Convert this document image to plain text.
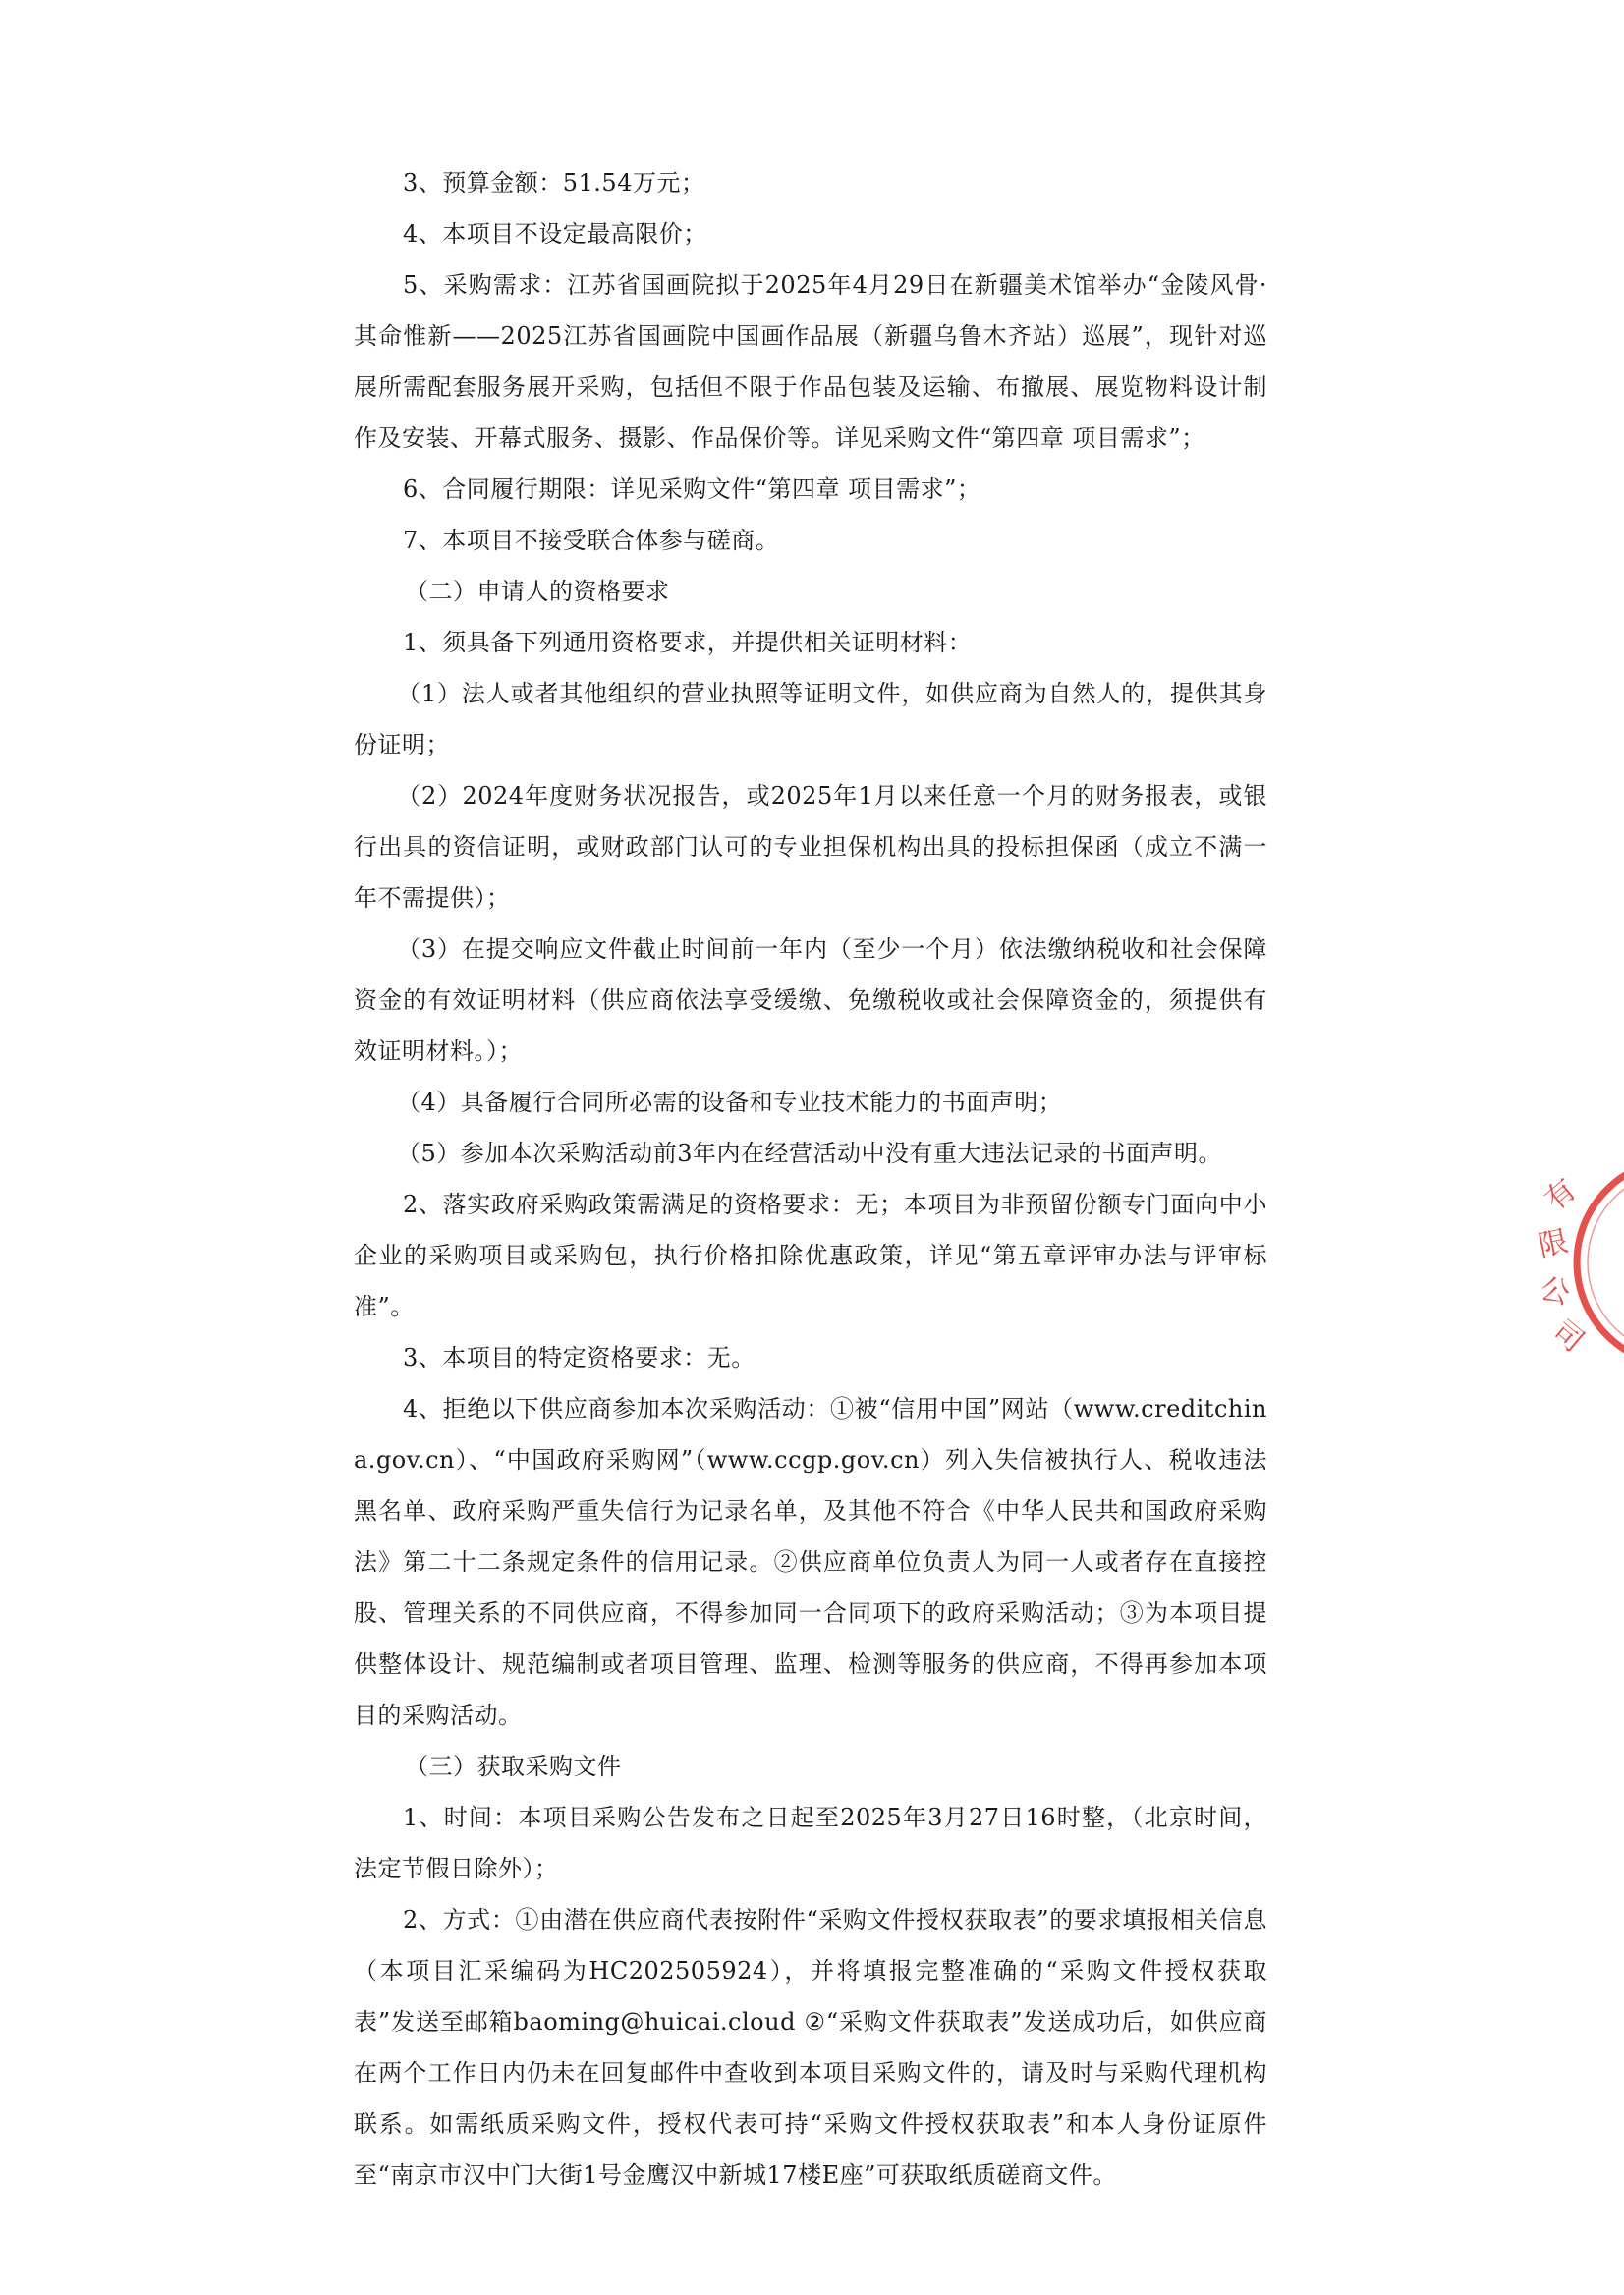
3、预算金额：51.54万元；

4、本项目不设定最高限价；

5、采购需求：江苏省国画院拟于2025年4月29日在新疆美术馆举办“金陵风骨·其命惟新——2025江苏省国画院中国画作品展（新疆乌鲁木齐站）巡展”，现针对巡展所需配套服务展开采购，包括但不限于作品包装及运输、布撤展、展览物料设计制作及安装、开幕式服务、摄影、作品保价等。详见采购文件“第四章 项目需求”；

6、合同履行期限：详见采购文件“第四章 项目需求”；

7、本项目不接受联合体参与磋商。

（二）申请人的资格要求

1、须具备下列通用资格要求，并提供相关证明材料：

（1）法人或者其他组织的营业执照等证明文件，如供应商为自然人的，提供其身份证明；

（2）2024年度财务状况报告，或2025年1月以来任意一个月的财务报表，或银行出具的资信证明，或财政部门认可的专业担保机构出具的投标担保函（成立不满一年不需提供）；

（3）在提交响应文件截止时间前一年内（至少一个月）依法缴纳税收和社会保障资金的有效证明材料（供应商依法享受缓缴、免缴税收或社会保障资金的，须提供有效证明材料。）；

（4）具备履行合同所必需的设备和专业技术能力的书面声明；

（5）参加本次采购活动前3年内在经营活动中没有重大违法记录的书面声明。

2、落实政府采购政策需满足的资格要求：无；本项目为非预留份额专门面向中小企业的采购项目或采购包，执行价格扣除优惠政策，详见“第五章评审办法与评审标准”。

3、本项目的特定资格要求：无。

4、拒绝以下供应商参加本次采购活动：①被“信用中国”网站（www.creditchina.gov.cn）、“中国政府采购网”（www.ccgp.gov.cn）列入失信被执行人、税收违法黑名单、政府采购严重失信行为记录名单，及其他不符合《中华人民共和国政府采购法》第二十二条规定条件的信用记录。②供应商单位负责人为同一人或者存在直接控股、管理关系的不同供应商，不得参加同一合同项下的政府采购活动；③为本项目提供整体设计、规范编制或者项目管理、监理、检测等服务的供应商，不得再参加本项目的采购活动。

（三）获取采购文件

1、时间：本项目采购公告发布之日起至2025年3月27日16时整，（北京时间，法定节假日除外）；

2、方式：①由潜在供应商代表按附件“采购文件授权获取表”的要求填报相关信息（本项目汇采编码为HC202505924），并将填报完整准确的“采购文件授权获取表”发送至邮箱baoming@huicai.cloud ②“采购文件获取表”发送成功后，如供应商在两个工作日内仍未在回复邮件中查收到本项目采购文件的，请及时与采购代理机构联系。如需纸质采购文件，授权代表可持“采购文件授权获取表”和本人身份证原件至“南京市汉中门大街1号金鹰汉中新城17楼E座”可获取纸质磋商文件。

有
限
公
司
